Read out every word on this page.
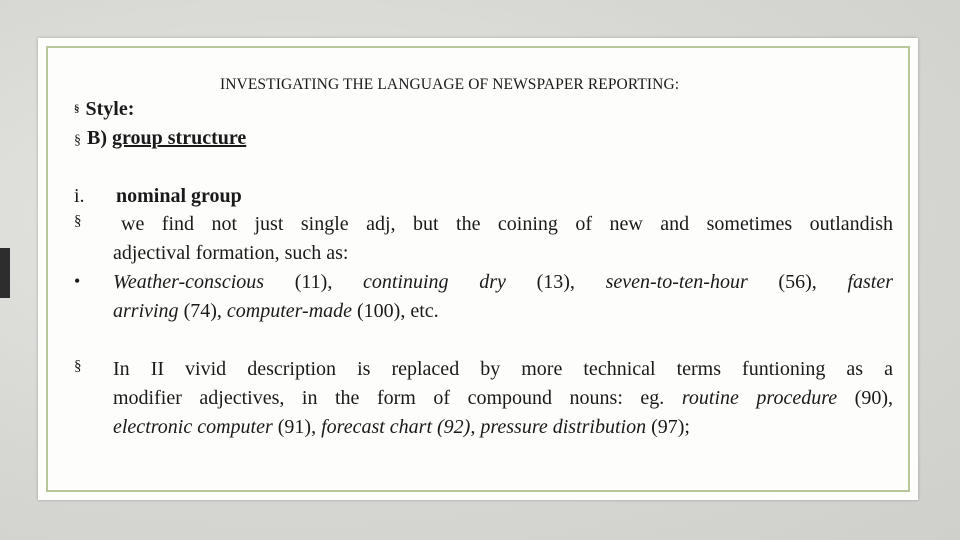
INVESTIGATING THE LANGUAGE OF NEWSPAPER REPORTING:
§ Style:
§ B) group structure
i. nominal group
§	we find not just single adj, but the coining of new and sometimes outlandish
adjectival formation, such as:
• Weather-conscious (11), continuing dry (13), seven-to-ten-hour (56), faster
arriving (74), computer-made (100), etc.
§ In II vivid description is replaced by more technical terms funtioning as a
modifier adjectives, in the form of compound nouns: eg. routine procedure (90),
electronic computer (91), forecast chart (92), pressure distribution (97);
